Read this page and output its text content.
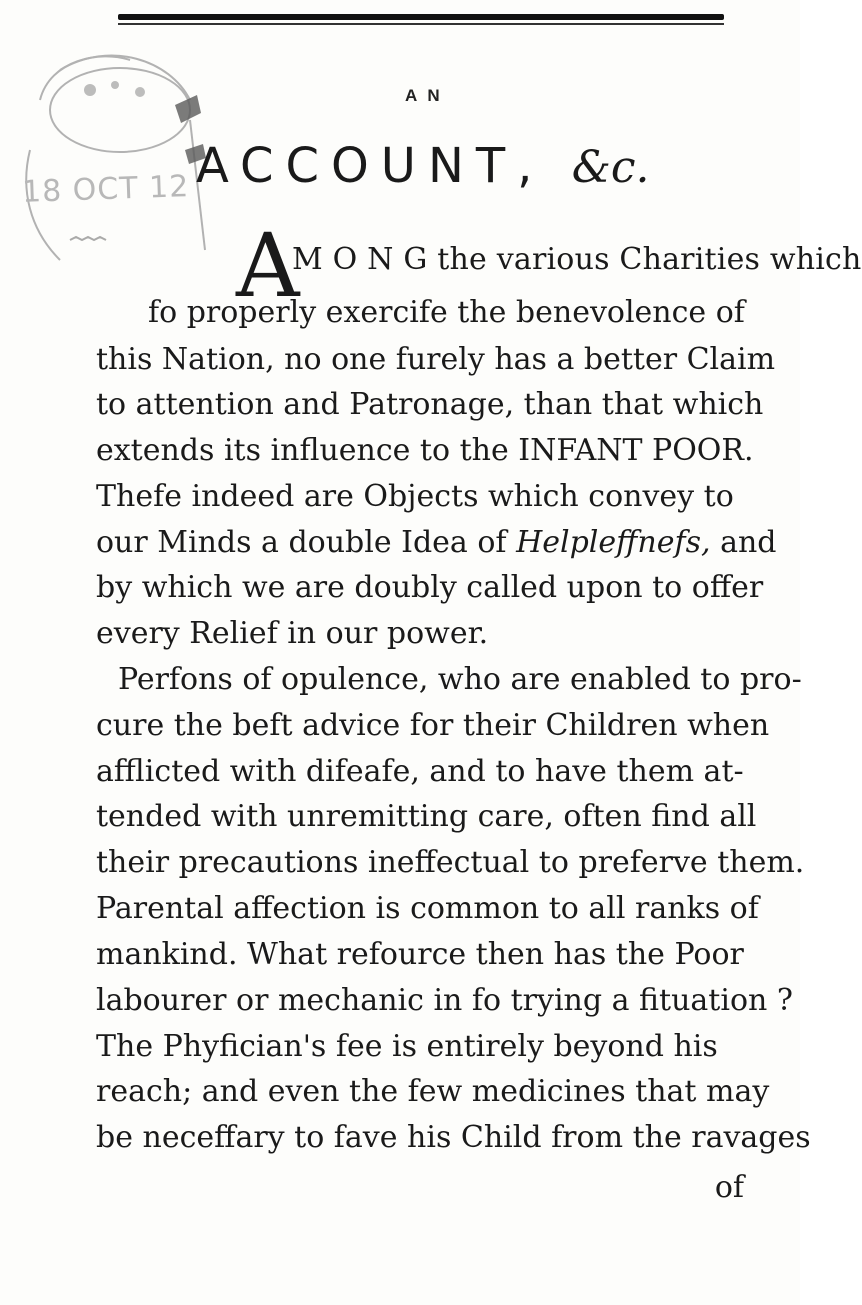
18 OCT 12
A N
ACCOUNT, &c.
A
M O N G the various Charities which
fo properly exercife the benevolence of
this Nation, no one furely has a better Claim
to attention and Patronage, than that which
extends its influence to the INFANT POOR.
Thefe indeed are Objects which convey to
our Minds a double Idea of Helpleffnefs, and
by which we are doubly called upon to offer
every Relief in our power.
Perfons of opulence, who are enabled to pro-
cure the beft advice for their Children when
afflicted with difeafe, and to have them at-
tended with unremitting care, often find all
their precautions ineffectual to preferve them.
Parental affection is common to all ranks of
mankind. What refource then has the Poor
labourer or mechanic in fo trying a fituation ?
The Phyfician's fee is entirely beyond his
reach; and even the few medicines that may
be neceffary to fave his Child from the ravages
of
